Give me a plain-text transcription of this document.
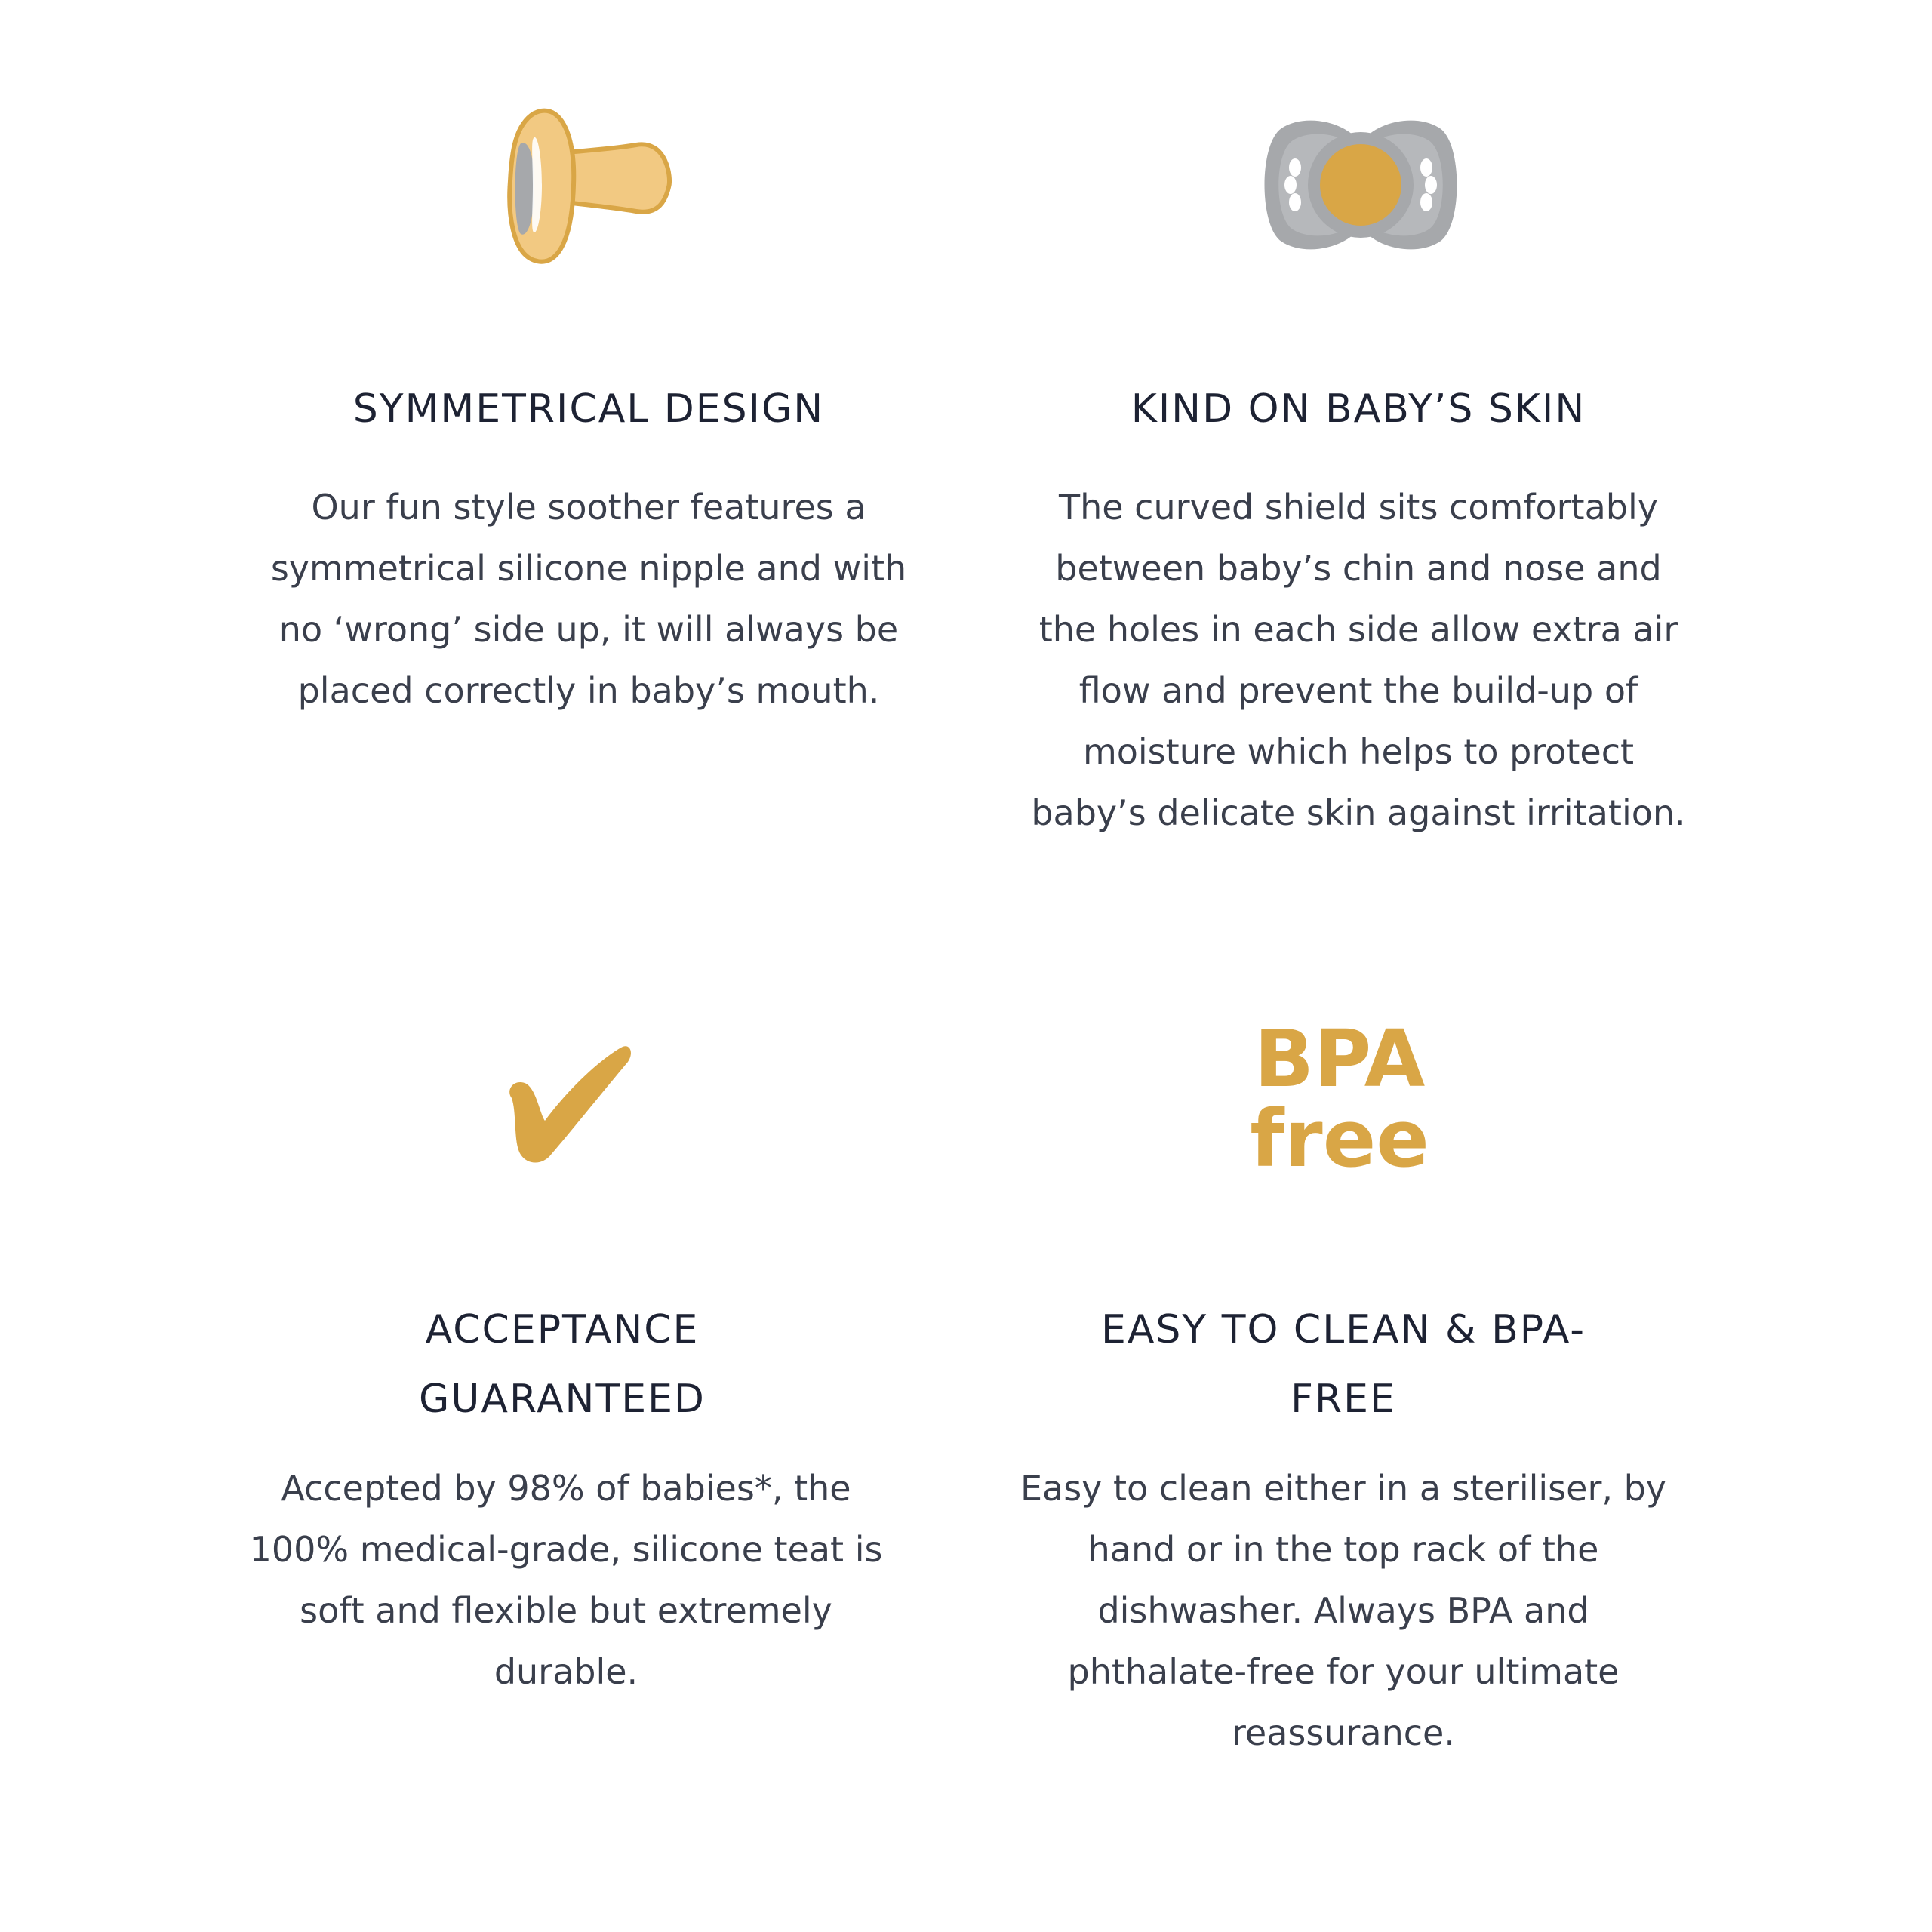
SYMMETRICAL DESIGN

Our fun style soother features a symmetrical silicone nipple and with no ‘wrong’ side up, it will always be placed correctly in baby’s mouth.

KIND ON BABY’S SKIN

The curved shield sits comfortably between baby’s chin and nose and the holes in each side allow extra air flow and prevent the build-up of moisture which helps to protect baby’s delicate skin against irritation.

ACCEPTANCE GUARANTEED

Accepted by 98% of babies*, the 100% medical-grade, silicone teat is soft and flexible but extremely durable.

BPA
free
EASY TO CLEAN & BPA-FREE

Easy to clean either in a steriliser, by hand or in the top rack of the dishwasher. Always BPA and phthalate-free for your ultimate reassurance.
